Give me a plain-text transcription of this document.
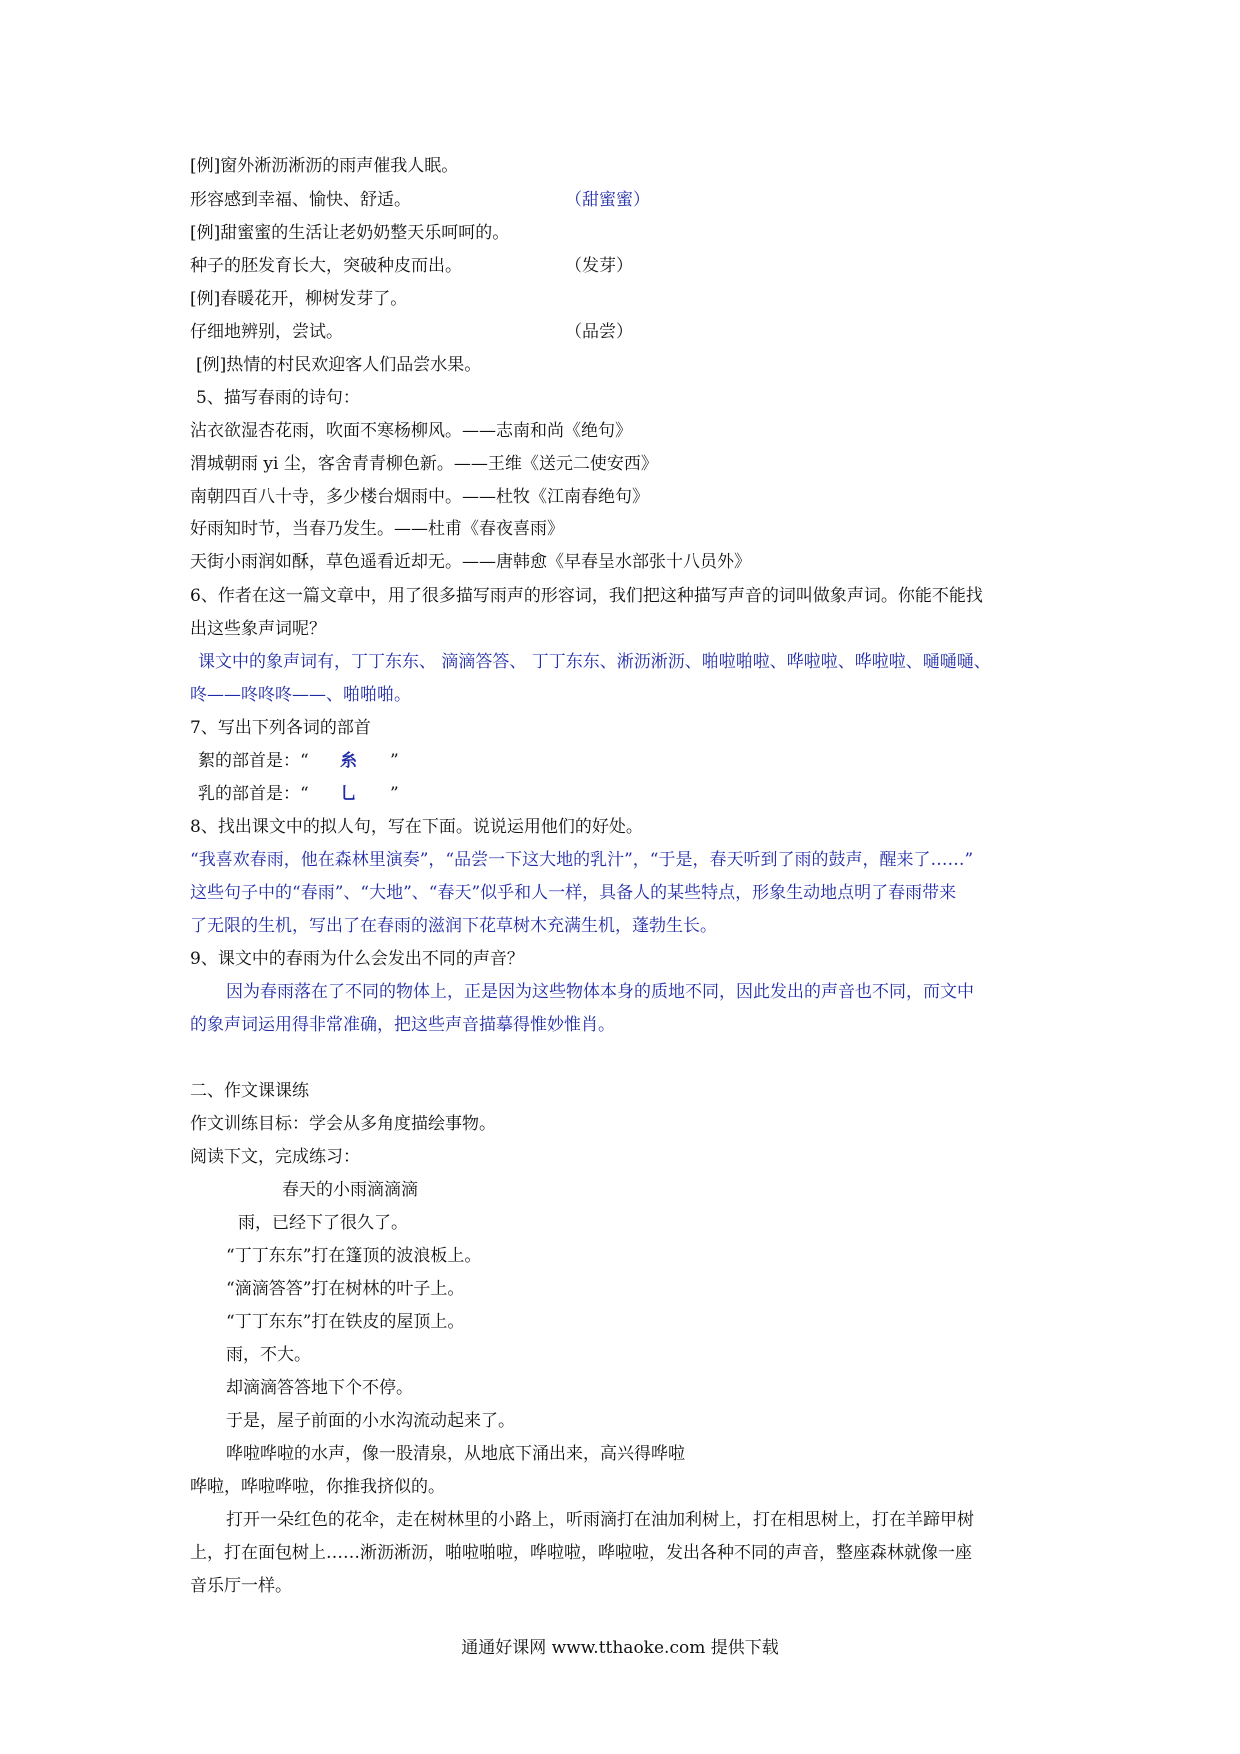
[例]窗外淅沥淅沥的雨声催我人眠。
形容感到幸福、愉快、舒适。	（甜蜜蜜）
[例]甜蜜蜜的生活让老奶奶整天乐呵呵的。
种子的胚发育长大，突破种皮而出。	（发芽）
[例]春暖花开，柳树发芽了。
仔细地辨别，尝试。	（品尝）
[例]热情的村民欢迎客人们品尝水果。
5、描写春雨的诗句：
沾衣欲湿杏花雨，吹面不寒杨柳风。——志南和尚《绝句》
渭城朝雨 yi 尘，客舍青青柳色新。——王维《送元二使安西》
南朝四百八十寺，多少楼台烟雨中。——杜牧《江南春绝句》
好雨知时节，当春乃发生。——杜甫《春夜喜雨》
天街小雨润如酥，草色遥看近却无。——唐韩愈《早春呈水部张十八员外》
6、作者在这一篇文章中，用了很多描写雨声的形容词，我们把这种描写声音的词叫做象声词。你能不能找
出这些象声词呢？
课文中的象声词有，丁丁东东、 滴滴答答、 丁丁东东、淅沥淅沥、啪啦啪啦、哗啦啦、哗啦啦、嗵嗵嗵、
咚——咚咚咚——、啪啪啪。
7、写出下列各词的部首
絮的部首是：“ 糸 ”
乳的部首是：“ 乚 ”
8、找出课文中的拟人句，写在下面。说说运用他们的好处。
“我喜欢春雨，他在森林里演奏”，“品尝一下这大地的乳汁”，“于是，春天听到了雨的鼓声，醒来了……”
这些句子中的“春雨”、“大地”、“春天”似乎和人一样，具备人的某些特点，形象生动地点明了春雨带来
了无限的生机，写出了在春雨的滋润下花草树木充满生机，蓬勃生长。
9、课文中的春雨为什么会发出不同的声音？
因为春雨落在了不同的物体上，正是因为这些物体本身的质地不同，因此发出的声音也不同，而文中
的象声词运用得非常准确，把这些声音描摹得惟妙惟肖。
二、作文课课练
作文训练目标：学会从多角度描绘事物。
阅读下文，完成练习：
春天的小雨滴滴滴
雨，已经下了很久了。
“丁丁东东”打在篷顶的波浪板上。
“滴滴答答”打在树林的叶子上。
“丁丁东东”打在铁皮的屋顶上。
雨，不大。
却滴滴答答地下个不停。
于是，屋子前面的小水沟流动起来了。
哗啦哗啦的水声，像一股清泉，从地底下涌出来，高兴得哗啦
哗啦，哗啦哗啦，你推我挤似的。
打开一朵红色的花伞，走在树林里的小路上，听雨滴打在油加利树上，打在相思树上，打在羊蹄甲树
上，打在面包树上……淅沥淅沥，啪啦啪啦，哗啦啦，哗啦啦，发出各种不同的声音，整座森林就像一座
音乐厅一样。
通通好课网 www.tthaoke.com 提供下载
